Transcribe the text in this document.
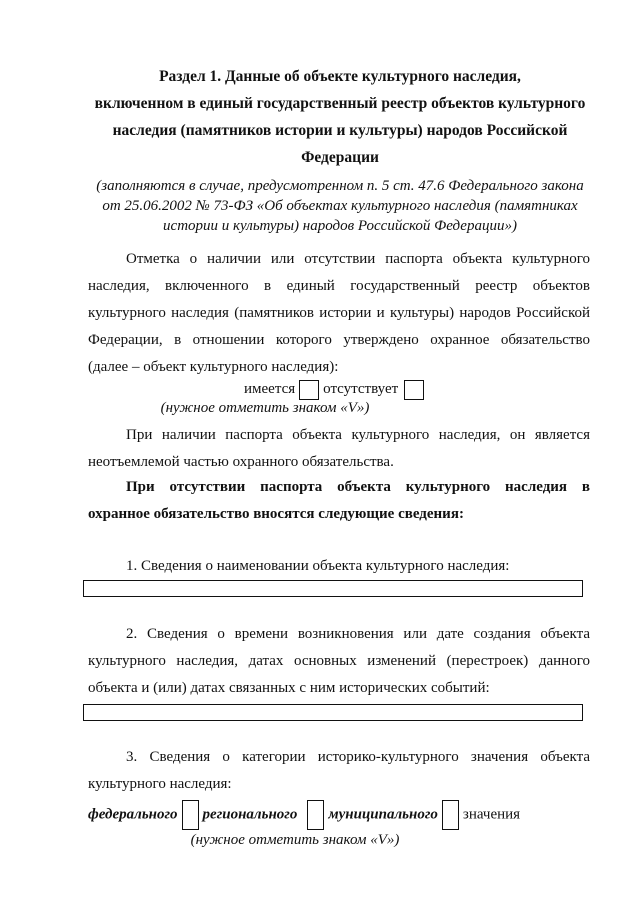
Раздел 1. Данные об объекте культурного наследия,

включенном в единый государственный реестр объектов культурного

наследия (памятников истории и культуры) народов Российской

Федерации

(заполняются в случае, предусмотренном п. 5 ст. 47.6 Федерального закона
от 25.06.2002 № 73-ФЗ «Об объектах культурного наследия (памятниках
истории и культуры) народов Российской Федерации»)
Отметка о наличии или отсутствии паспорта объекта культурного
наследия, включенного в единый государственный реестр объектов
культурного наследия (памятников истории и культуры) народов Российской
Федерации, в отношении которого утверждено охранное обязательство
(далее – объект культурного наследия):
имеется отсутствует
(нужное отметить знаком «V»)
При наличии паспорта объекта культурного наследия, он является
неотъемлемой частью охранного обязательства.
При отсутствии паспорта объекта культурного наследия в
охранное обязательство вносятся следующие сведения:
1. Сведения о наименовании объекта культурного наследия:
2. Сведения о времени возникновения или дате создания объекта
культурного наследия, датах основных изменений (перестроек) данного
объекта и (или) датах связанных с ним исторических событий:
3. Сведения о категории историко-культурного значения объекта
культурного наследия:
федерального регионального муниципального значения
(нужное отметить знаком «V»)
